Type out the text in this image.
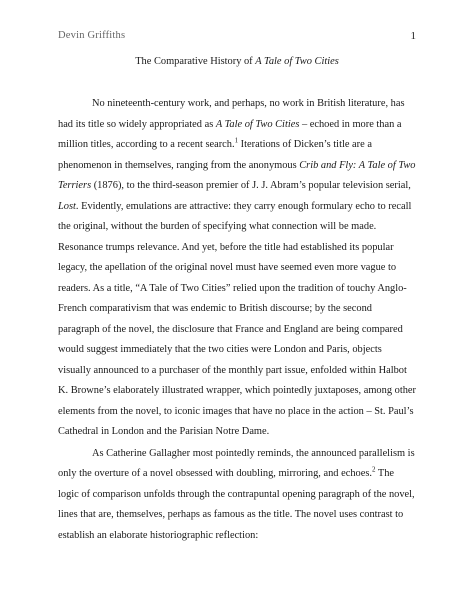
Devin Griffiths	1
The Comparative History of A Tale of Two Cities

No nineteenth-century work, and perhaps, no work in British literature, has had its title so widely appropriated as A Tale of Two Cities – echoed in more than a million titles, according to a recent search.$^1$ Iterations of Dicken’s title are a phenomenon in themselves, ranging from the anonymous Crib and Fly: A Tale of Two Terriers (1876), to the third-season premier of J. J. Abram’s popular television serial, Lost. Evidently, emulations are attractive: they carry enough formulary echo to recall the original, without the burden of specifying what connection will be made. Resonance trumps relevance. And yet, before the title had established its popular legacy, the apellation of the original novel must have seemed even more vague to readers. As a title, “A Tale of Two Cities” relied upon the tradition of touchy Anglo-French comparativism that was endemic to British discourse; by the second paragraph of the novel, the disclosure that France and England are being compared would suggest immediately that the two cities were London and Paris, objects visually announced to a purchaser of the monthly part issue, enfolded within Halbot K. Browne’s elaborately illustrated wrapper, which pointedly juxtaposes, among other elements from the novel, to iconic images that have no place in the action – St. Paul’s Cathedral in London and the Parisian Notre Dame.

As Catherine Gallagher most pointedly reminds, the announced parallelism is only the overture of a novel obsessed with doubling, mirroring, and echoes.$^2$ The logic of comparison unfolds through the contrapuntal opening paragraph of the novel, lines that are, themselves, perhaps as famous as the title. The novel uses contrast to establish an elaborate historiographic reflection:
